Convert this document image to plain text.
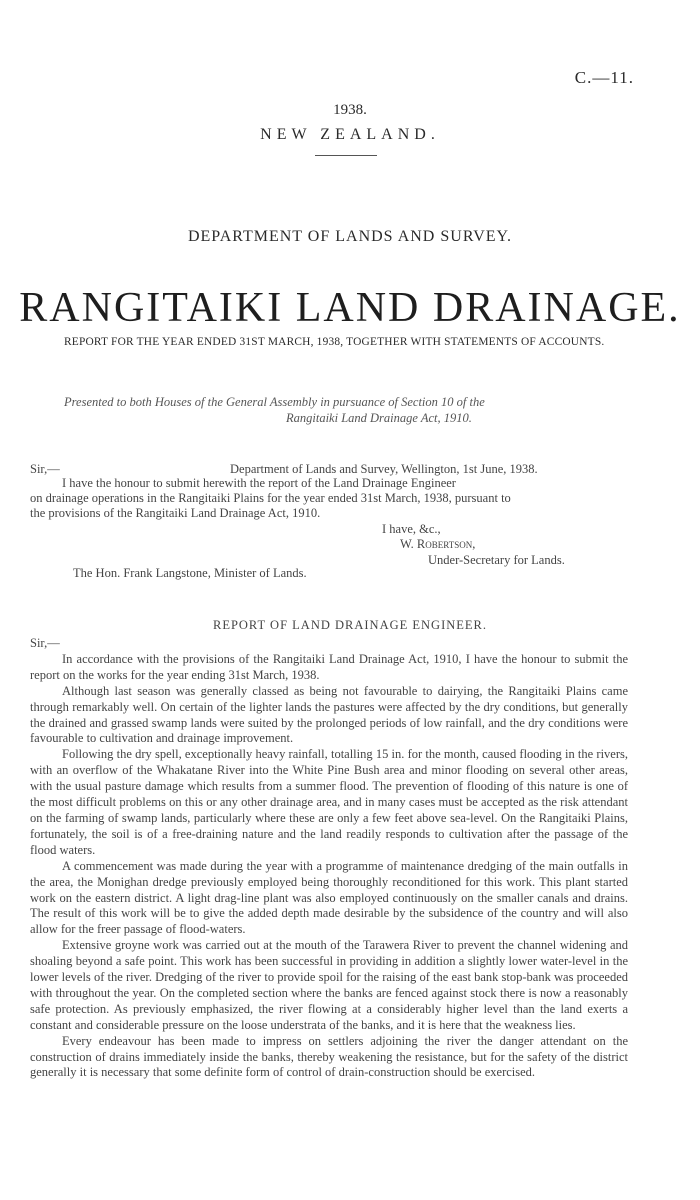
C.—11.
1938.
NEW ZEALAND.
DEPARTMENT OF LANDS AND SURVEY.
RANGITAIKI LAND DRAINAGE.
REPORT FOR THE YEAR ENDED 31ST MARCH, 1938, TOGETHER WITH STATEMENTS OF ACCOUNTS.
Presented to both Houses of the General Assembly in pursuance of Section 10 of the
Rangitaiki Land Drainage Act, 1910.
Sir,—	Department of Lands and Survey, Wellington, 1st June, 1938.
I have the honour to submit herewith the report of the Land Drainage Engineer
on drainage operations in the Rangitaiki Plains for the year ended 31st March, 1938, pursuant to
the provisions of the Rangitaiki Land Drainage Act, 1910.
I have, &c.,
W. Robertson,
Under-Secretary for Lands.
The Hon. Frank Langstone, Minister of Lands.
REPORT OF LAND DRAINAGE ENGINEER.
Sir,—

In accordance with the provisions of the Rangitaiki Land Drainage Act, 1910, I have the honour to submit the report on the works for the year ending 31st March, 1938.

Although last season was generally classed as being not favourable to dairying, the Rangitaiki Plains came through remarkably well. On certain of the lighter lands the pastures were affected by the dry conditions, but generally the drained and grassed swamp lands were suited by the prolonged periods of low rainfall, and the dry conditions were favourable to cultivation and drainage improvement.

Following the dry spell, exceptionally heavy rainfall, totalling 15 in. for the month, caused flooding in the rivers, with an overflow of the Whakatane River into the White Pine Bush area and minor flooding on several other areas, with the usual pasture damage which results from a summer flood. The prevention of flooding of this nature is one of the most difficult problems on this or any other drainage area, and in many cases must be accepted as the risk attendant on the farming of swamp lands, particularly where these are only a few feet above sea-level. On the Rangitaiki Plains, fortunately, the soil is of a free-draining nature and the land readily responds to cultivation after the passage of the flood waters.

A commencement was made during the year with a programme of maintenance dredging of the main outfalls in the area, the Monighan dredge previously employed being thoroughly reconditioned for this work. This plant started work on the eastern district. A light drag-line plant was also employed continuously on the smaller canals and drains. The result of this work will be to give the added depth made desirable by the subsidence of the country and will also allow for the freer passage of flood-waters.

Extensive groyne work was carried out at the mouth of the Tarawera River to prevent the channel widening and shoaling beyond a safe point. This work has been successful in providing in addition a slightly lower water-level in the lower levels of the river. Dredging of the river to provide spoil for the raising of the east bank stop-bank was proceeded with throughout the year. On the completed section where the banks are fenced against stock there is now a reasonably safe protection. As previously emphasized, the river flowing at a considerably higher level than the land exerts a constant and considerable pressure on the loose understrata of the banks, and it is here that the weakness lies.

Every endeavour has been made to impress on settlers adjoining the river the danger attendant on the construction of drains immediately inside the banks, thereby weakening the resistance, but for the safety of the district generally it is necessary that some definite form of control of drain-construction should be exercised.
